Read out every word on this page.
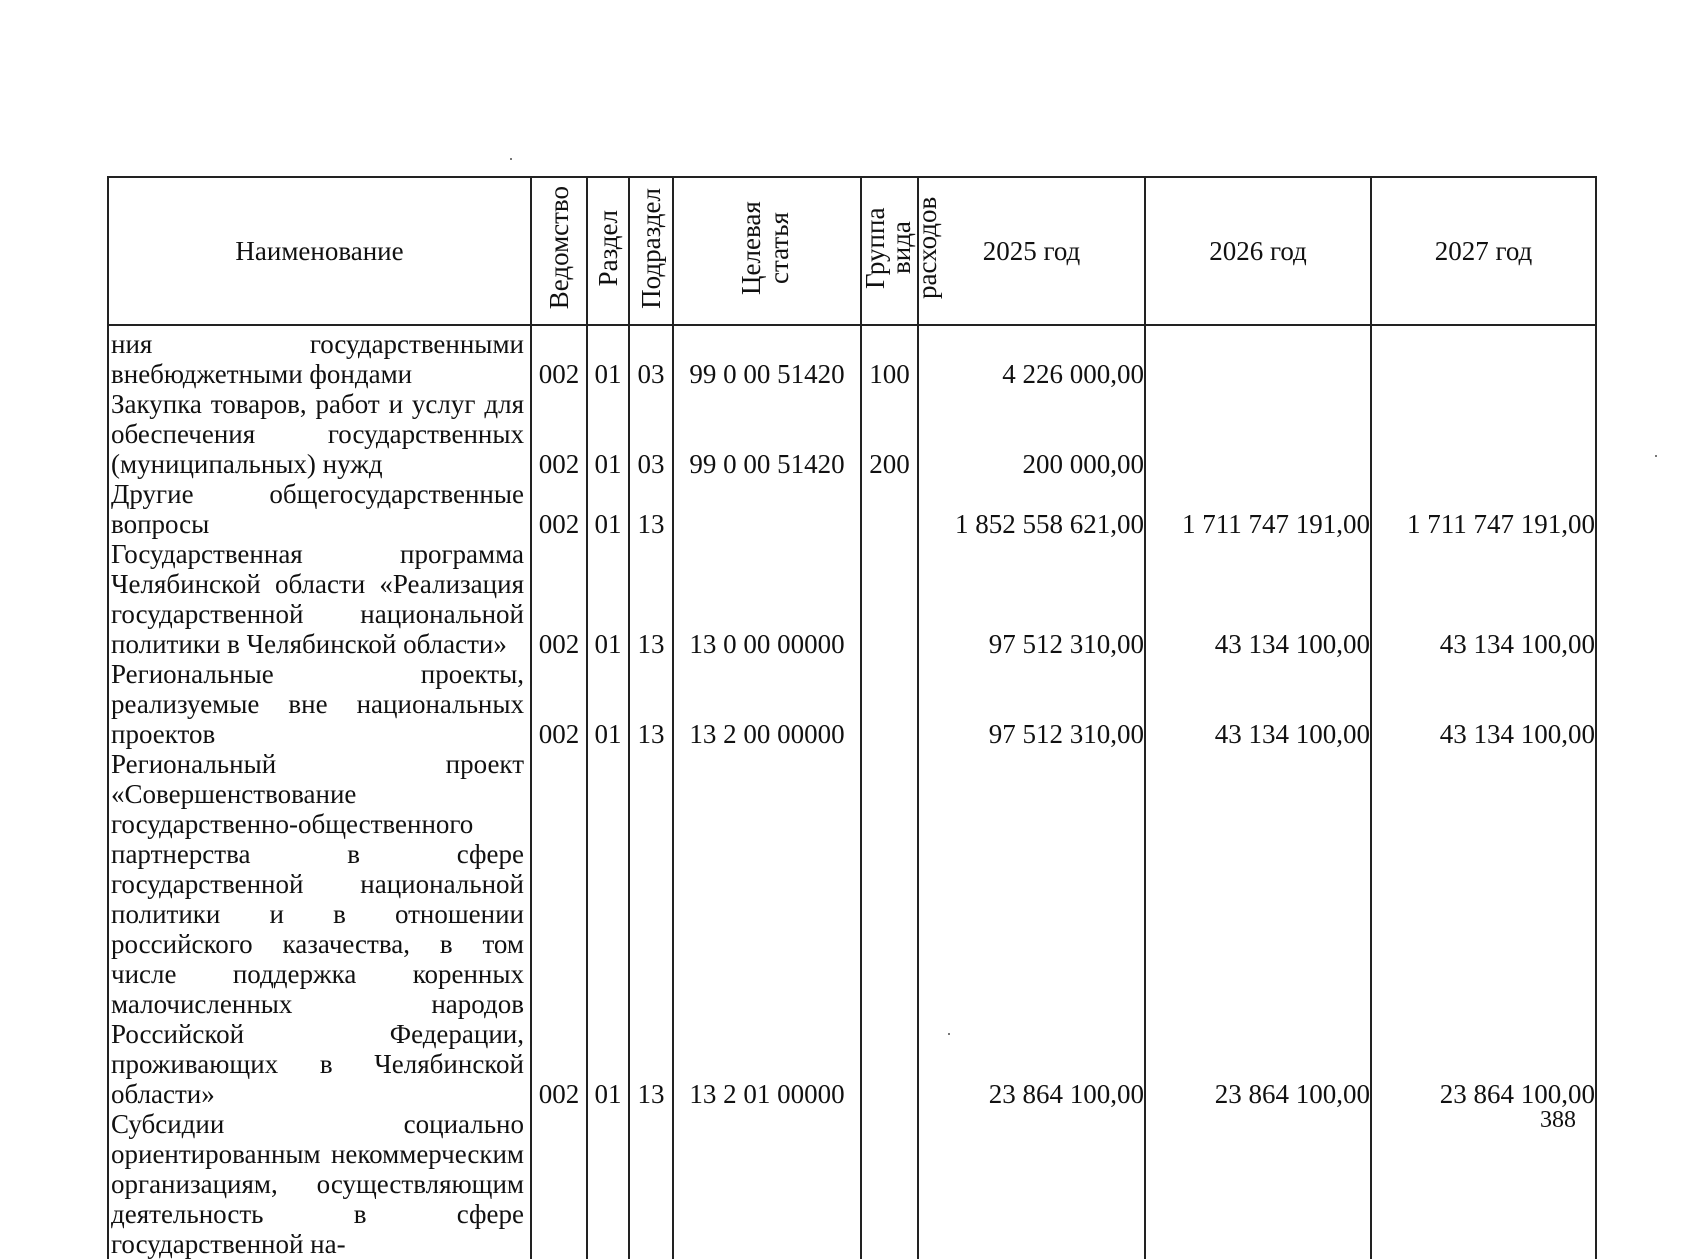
Наименование	Ведомство	Раздел	Подраздел	Целевая статья	Группа вида расходов	2025 год	2026 год	2027 год
ния государственными внебюджетными фондами	002	01	03	99 0 00 51420	100	4 226 000,00		
Закупка товаров, работ и услуг для обеспечения государственных (муниципальных) нужд	002	01	03	99 0 00 51420	200	200 000,00		
Другие общегосударственные вопросы	002	01	13			1 852 558 621,00	1 711 747 191,00	1 711 747 191,00
Государственная программа Челябинской области «Реализация государственной национальной политики в Челябинской области»	002	01	13	13 0 00 00000		97 512 310,00	43 134 100,00	43 134 100,00
Региональные проекты, реализуемые вне национальных проектов	002	01	13	13 2 00 00000		97 512 310,00	43 134 100,00	43 134 100,00
Региональный проект «Совершенствование государственно-общественного партнерства в сфере государственной национальной политики и в отношении российского казачества, в том числе поддержка коренных малочисленных народов Российской Федерации, проживающих в Челябинской области»	002	01	13	13 2 01 00000		23 864 100,00	23 864 100,00	23 864 100,00
Субсидии социально ориентированным некоммерческим организациям, осуществляющим деятельность в сфере государственной на-								
388
